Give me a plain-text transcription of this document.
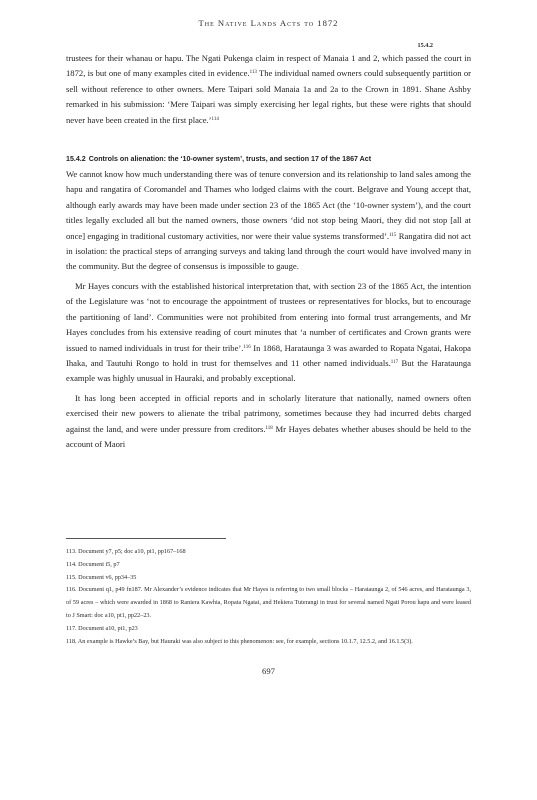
The Native Lands Acts to 1872
15.4.2

trustees for their whanau or hapu. The Ngati Pukenga claim in respect of Manaia 1 and 2, which passed the court in 1872, is but one of many examples cited in evidence.$^{113}$ The individual named owners could subsequently partition or sell without reference to other owners. Mere Taipari sold Manaia 1a and 2a to the Crown in 1891. Shane Ashby remarked in his submission: ‘Mere Taipari was simply exercising her legal rights, but these were rights that should never have been created in the first place.’$^{114}$

15.4.2 Controls on alienation: the ‘10-owner system’, trusts, and section 17 of the 1867 Act

We cannot know how much understanding there was of tenure conversion and its relationship to land sales among the hapu and rangatira of Coromandel and Thames who lodged claims with the court. Belgrave and Young accept that, although early awards may have been made under section 23 of the 1865 Act (the ‘10-owner system’), and the court titles legally excluded all but the named owners, those owners ‘did not stop being Maori, they did not stop [all at once] engaging in traditional customary activities, nor were their value systems transformed’.$^{115}$ Rangatira did not act in isolation: the practical steps of arranging surveys and taking land through the court would have involved many in the community. But the degree of consensus is impossible to gauge.

Mr Hayes concurs with the established historical interpretation that, with section 23 of the 1865 Act, the intention of the Legislature was ‘not to encourage the appointment of trustees or representatives for blocks, but to encourage the partitioning of land’. Communities were not prohibited from entering into formal trust arrangements, and Mr Hayes concludes from his extensive reading of court minutes that ‘a number of certificates and Crown grants were issued to named individuals in trust for their tribe’.$^{116}$ In 1868, Harataunga 3 was awarded to Ropata Ngatai, Hakopa Ihaka, and Tautuhi Rongo to hold in trust for themselves and 11 other named individuals.$^{117}$ But the Harataunga example was highly unusual in Hauraki, and probably exceptional.

It has long been accepted in official reports and in scholarly literature that nationally, named owners often exercised their new powers to alienate the tribal patrimony, sometimes because they had incurred debts charged against the land, and were under pressure from creditors.$^{118}$ Mr Hayes debates whether abuses should be held to the account of Maori

113. Document y7, p5; doc a10, pt1, pp167–168
114. Document i5, p7
115. Document v6, pp34–35
116. Document q1, p49 fn187. Mr Alexander’s evidence indicates that Mr Hayes is referring to two small blocks – Harataunga 2, of 546 acres, and Harataunga 3, of 59 acres – which were awarded in 1868 to Raniera Kawhia, Ropata Ngatai, and Hekiera Tuterangi in trust for several named Ngati Porou hapu and were leased to J Smart: doc a10, pt1, pp22–23.
117. Document a10, pt1, p23
118. An example is Hawke’s Bay, but Hauraki was also subject to this phenomenon: see, for example, sections 10.1.7, 12.5.2, and 16.1.5(3).
697
